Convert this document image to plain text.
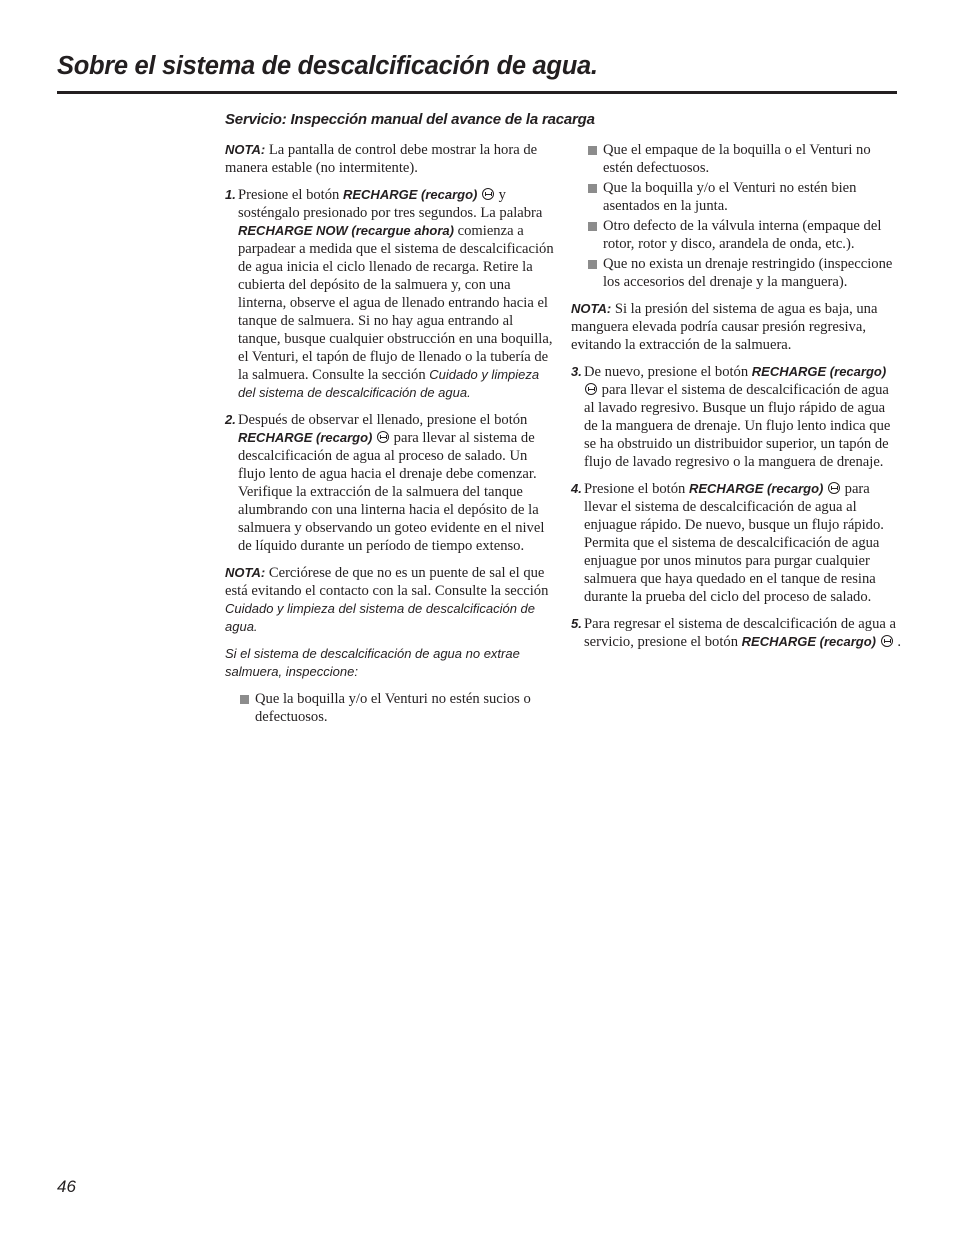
Sobre el sistema de descalcificación de agua.
Servicio: Inspección manual del avance de la racarga

NOTA: La pantalla de control debe mostrar la hora de manera estable (no intermitente).

1. Presione el botón RECHARGE (recargo)  y sosténgalo presionado por tres segundos. La palabra RECHARGE NOW (recargue ahora) comienza a parpadear a medida que el sistema de descalcificación de agua inicia el ciclo llenado de recarga. Retire la cubierta del depósito de la salmuera y, con una linterna, observe el agua de llenado entrando hacia el tanque de salmuera. Si no hay agua entrando al tanque, busque cualquier obstrucción en una boquilla, el Venturi, el tapón de flujo de llenado o la tubería de la salmuera. Consulte la sección Cuidado y limpieza del sistema de descalcificación de agua.
2. Después de observar el llenado, presione el botón RECHARGE (recargo)  para llevar al sistema de descalcificación de agua al proceso de salado. Un flujo lento de agua hacia el drenaje debe comenzar. Verifique la extracción de la salmuera del tanque alumbrando con una linterna hacia el depósito de la salmuera y observando un goteo evidente en el nivel de líquido durante un período de tiempo extenso.

NOTA: Cerciórese de que no es un puente de sal el que está evitando el contacto con la sal. Consulte la sección Cuidado y limpieza del sistema de descalcificación de agua.

Si el sistema de descalcificación de agua no extrae salmuera, inspeccione:

Que la boquilla y/o el Venturi no estén sucios o defectuosos.
Que el empaque de la boquilla o el Venturi no estén defectuosos.
Que la boquilla y/o el Venturi no estén bien asentados en la junta.
Otro defecto de la válvula interna (empaque del rotor, rotor y disco, arandela de onda, etc.).
Que no exista un drenaje restringido (inspeccione los accesorios del drenaje y la manguera).

NOTA: Si la presión del sistema de agua es baja, una manguera elevada podría causar presión regresiva, evitando la extracción de la salmuera.

3. De nuevo, presione el botón RECHARGE (recargo)  para llevar el sistema de descalcificación de agua al lavado regresivo. Busque un flujo rápido de agua de la manguera de drenaje. Un flujo lento indica que se ha obstruido un distribuidor superior, un tapón de flujo de lavado regresivo o la manguera de drenaje.
4. Presione el botón RECHARGE (recargo)  para llevar el sistema de descalcificación de agua al enjuague rápido. De nuevo, busque un flujo rápido. Permita que el sistema de descalcificación de agua enjuague por unos minutos para purgar cualquier salmuera que haya quedado en el tanque de resina durante la prueba del ciclo del proceso de salado.
5. Para regresar el sistema de descalcificación de agua a servicio, presione el botón RECHARGE (recargo)  .

46
